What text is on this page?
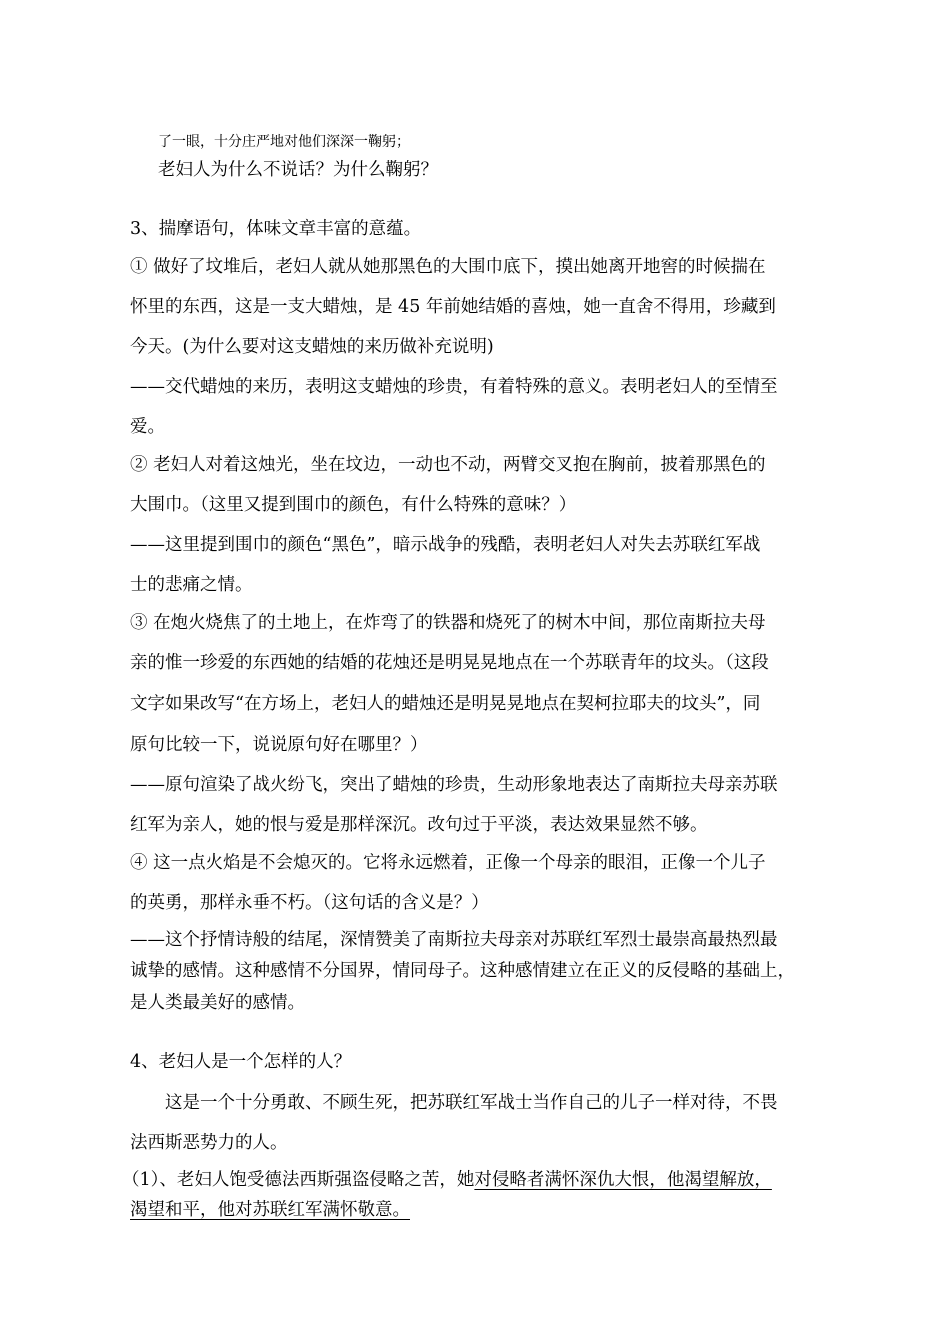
了一眼，十分庄严地对他们深深一鞠躬；
老妇人为什么不说话？为什么鞠躬？
3、揣摩语句，体味文章丰富的意蕴。
① 做好了坟堆后，老妇人就从她那黑色的大围巾底下，摸出她离开地窖的时候揣在
怀里的东西，这是一支大蜡烛，是 45 年前她结婚的喜烛，她一直舍不得用，珍藏到
今天。(为什么要对这支蜡烛的来历做补充说明)
——交代蜡烛的来历，表明这支蜡烛的珍贵，有着特殊的意义。表明老妇人的至情至
爱。
② 老妇人对着这烛光，坐在坟边，一动也不动，两臂交叉抱在胸前，披着那黑色的
大围巾。（这里又提到围巾的颜色，有什么特殊的意味？）
——这里提到围巾的颜色“黑色”，暗示战争的残酷，表明老妇人对失去苏联红军战
士的悲痛之情。
③ 在炮火烧焦了的土地上，在炸弯了的铁器和烧死了的树木中间，那位南斯拉夫母
亲的惟一珍爱的东西她的结婚的花烛还是明晃晃地点在一个苏联青年的坟头。（这段
文字如果改写“在方场上，老妇人的蜡烛还是明晃晃地点在契柯拉耶夫的坟头”，同
原句比较一下，说说原句好在哪里？）
——原句渲染了战火纷飞，突出了蜡烛的珍贵，生动形象地表达了南斯拉夫母亲苏联
红军为亲人，她的恨与爱是那样深沉。改句过于平淡，表达效果显然不够。
④ 这一点火焰是不会熄灭的。它将永远燃着，正像一个母亲的眼泪，正像一个儿子
的英勇，那样永垂不朽。（这句话的含义是？）
——这个抒情诗般的结尾，深情赞美了南斯拉夫母亲对苏联红军烈士最崇高最热烈最
诚挚的感情。这种感情不分国界，情同母子。这种感情建立在正义的反侵略的基础上，
是人类最美好的感情。
4、老妇人是一个怎样的人？
这是一个十分勇敢、不顾生死，把苏联红军战士当作自己的儿子一样对待，不畏
法西斯恶势力的人。
（1）、老妇人饱受德法西斯强盗侵略之苦，她对侵略者满怀深仇大恨，他渴望解放，
渴望和平，他对苏联红军满怀敬意。
